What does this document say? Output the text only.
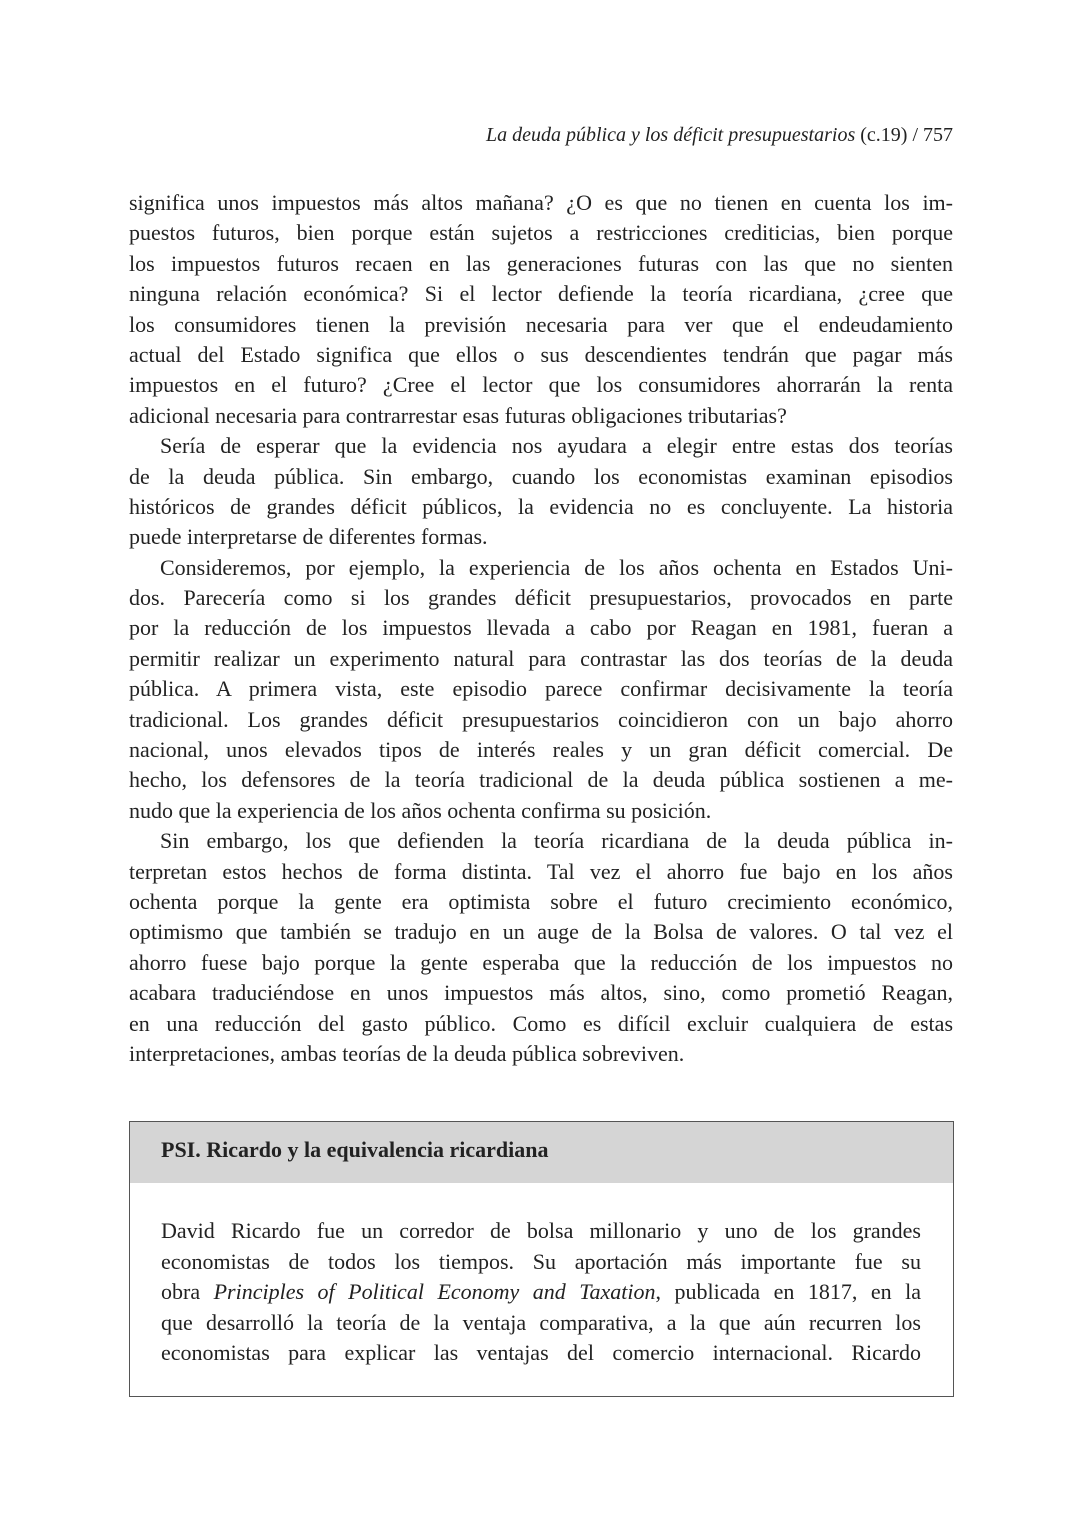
La deuda pública y los déficit presupuestarios (c.19) / 757
significa unos impuestos más altos mañana? ¿O es que no tienen en cuenta los im-
puestos futuros, bien porque están sujetos a restricciones crediticias, bien porque
los impuestos futuros recaen en las generaciones futuras con las que no sienten
ninguna relación económica? Si el lector defiende la teoría ricardiana, ¿cree que
los consumidores tienen la previsión necesaria para ver que el endeudamiento
actual del Estado significa que ellos o sus descendientes tendrán que pagar más
impuestos en el futuro? ¿Cree el lector que los consumidores ahorrarán la renta
adicional necesaria para contrarrestar esas futuras obligaciones tributarias?
Sería de esperar que la evidencia nos ayudara a elegir entre estas dos teorías
de la deuda pública. Sin embargo, cuando los economistas examinan episodios
históricos de grandes déficit públicos, la evidencia no es concluyente. La historia
puede interpretarse de diferentes formas.
Consideremos, por ejemplo, la experiencia de los años ochenta en Estados Uni-
dos. Parecería como si los grandes déficit presupuestarios, provocados en parte
por la reducción de los impuestos llevada a cabo por Reagan en 1981, fueran a
permitir realizar un experimento natural para contrastar las dos teorías de la deuda
pública. A primera vista, este episodio parece confirmar decisivamente la teoría
tradicional. Los grandes déficit presupuestarios coincidieron con un bajo ahorro
nacional, unos elevados tipos de interés reales y un gran déficit comercial. De
hecho, los defensores de la teoría tradicional de la deuda pública sostienen a me-
nudo que la experiencia de los años ochenta confirma su posición.
Sin embargo, los que defienden la teoría ricardiana de la deuda pública in-
terpretan estos hechos de forma distinta. Tal vez el ahorro fue bajo en los años
ochenta porque la gente era optimista sobre el futuro crecimiento económico,
optimismo que también se tradujo en un auge de la Bolsa de valores. O tal vez el
ahorro fuese bajo porque la gente esperaba que la reducción de los impuestos no
acabara traduciéndose en unos impuestos más altos, sino, como prometió Reagan,
en una reducción del gasto público. Como es difícil excluir cualquiera de estas
interpretaciones, ambas teorías de la deuda pública sobreviven.
PSI. Ricardo y la equivalencia ricardiana
David Ricardo fue un corredor de bolsa millonario y uno de los grandes
economistas de todos los tiempos. Su aportación más importante fue su
obra Principles of Political Economy and Taxation, publicada en 1817, en la
que desarrolló la teoría de la ventaja comparativa, a la que aún recurren los
economistas para explicar las ventajas del comercio internacional. Ricardo
